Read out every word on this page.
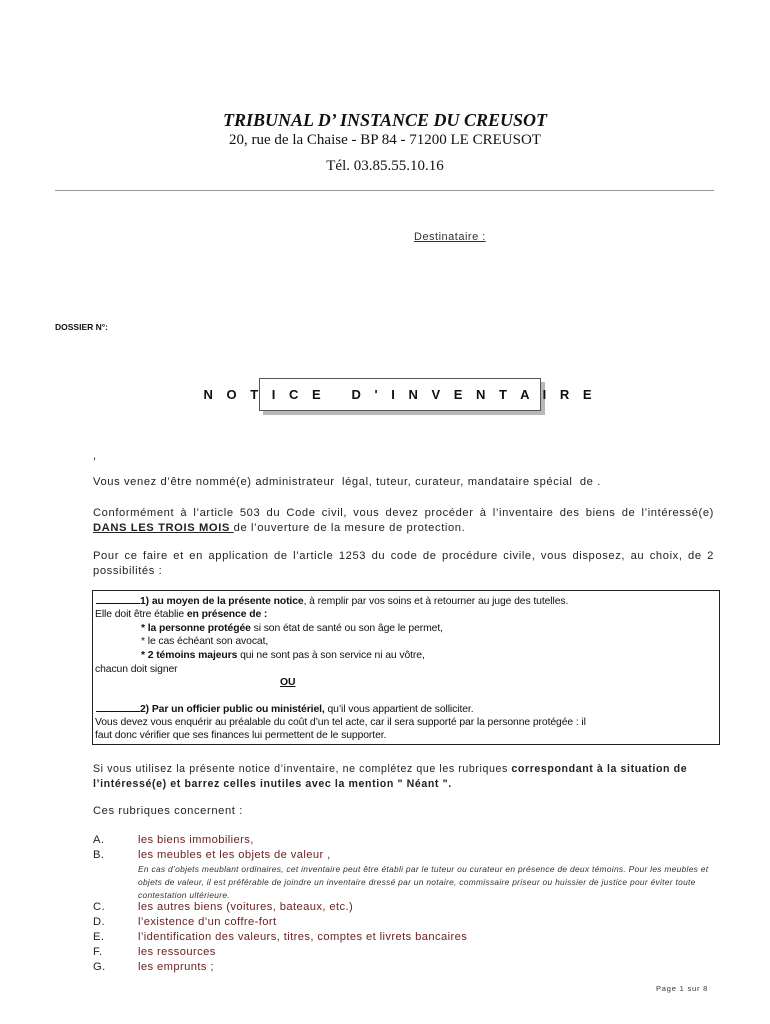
TRIBUNAL D’ INSTANCE DU CREUSOT
20, rue de la Chaise - BP 84 - 71200 LE CREUSOT
Tél. 03.85.55.10.16
Destinataire :
DOSSIER N°:
N O T I C E   D ' I N V E N T A I R E
,
Vous venez d’être nommé(e) administrateur  légal, tuteur, curateur, mandataire spécial  de .
Conformément à l’article 503 du Code civil, vous devez procéder à l’inventaire des biens de l’intéressé(e) DANS LES TROIS MOIS de l’ouverture de la mesure de protection.
Pour ce faire et en application de l’article 1253 du code de procédure civile, vous disposez, au choix, de 2 possibilités :
1) au moyen de la présente notice, à remplir par vos soins et à retourner au juge des tutelles.
Elle doit être établie en présence de :
* la personne protégée si son état de santé ou son âge le permet,
* le cas échéant son avocat,
* 2 témoins majeurs qui ne sont pas à son service ni au vôtre,
chacun doit signer
OU
2) Par un officier public ou ministériel, qu’il vous appartient de solliciter.
Vous devez vous enquérir au préalable du coût d’un tel acte, car il sera supporté par la personne protégée : il
faut donc vérifier que ses finances lui permettent de le supporter.
Si vous utilisez la présente notice d’inventaire, ne complétez que les rubriques correspondant à la situation de l’intéressé(e) et barrez celles inutiles avec la mention " Néant ".
Ces rubriques concernent :
A.	les biens immobiliers,
B.	les meubles et les objets de valeur ,
En cas d’objets meublant ordinaires, cet inventaire peut être établi par le tuteur ou curateur en présence de deux témoins. Pour les meubles et objets de valeur, il est préférable de joindre un inventaire dressé par un notaire, commissaire priseur ou huissier de justice pour éviter toute contestation ultérieure.
C.	les autres biens (voitures, bateaux, etc.)
D.	l’existence d’un coffre-fort
E.	l’identification des valeurs, titres, comptes et livrets bancaires
F.	les ressources
G.	les emprunts ;
Page 1 sur 8
